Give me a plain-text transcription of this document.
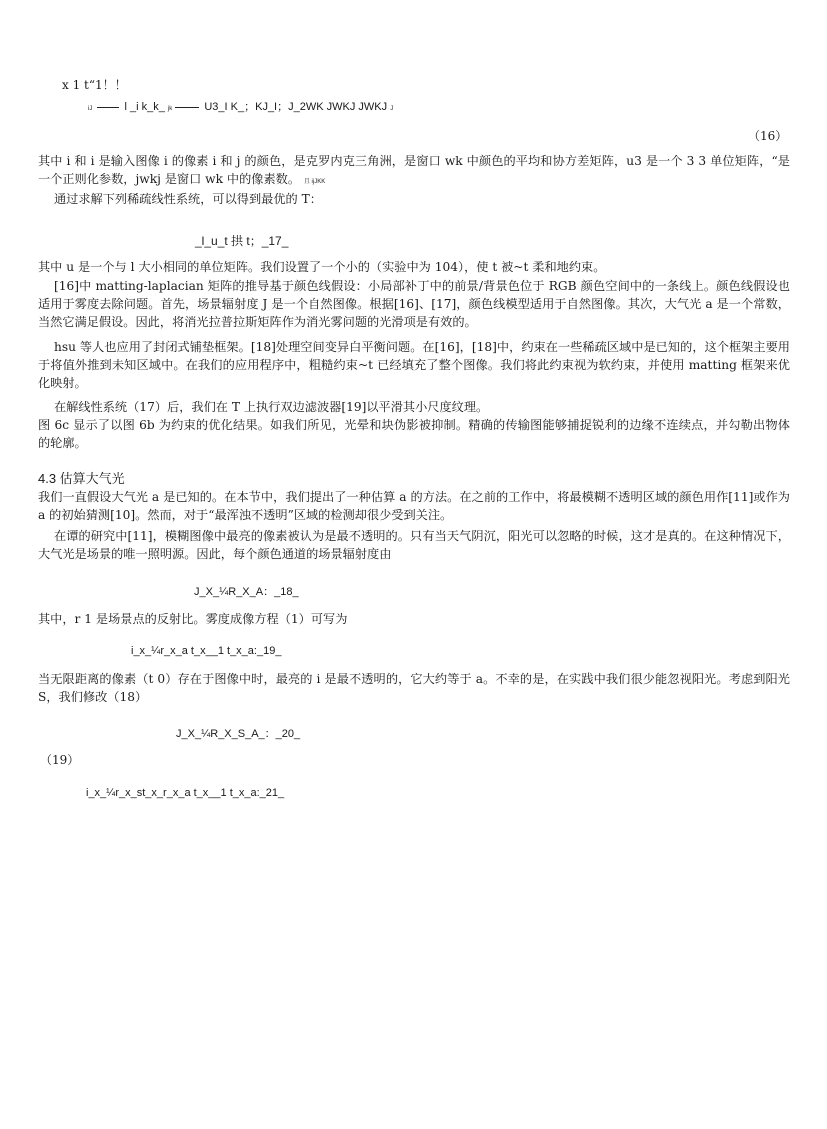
x 1 t“1！！
iJ	l _i k_k_ jk	U3_I K_；KJ_I；J_2WK JWKJ JWKJ J
（16）
其中 i 和 i 是输入图像 i 的像素 i 和 j 的颜色，是克罗内克三角洲，是窗口 wk 中颜色的平均和协方差矩阵，u3 是一个 3 3 单位矩阵，“是一个正则化参数，jwkj 是窗口 wk 中的像素数。 且 ijJKK
通过求解下列稀疏线性系统，可以得到最优的 T：
_l_u_t 拱 t；_17_
其中 u 是一个与 l 大小相同的单位矩阵。我们设置了一个小的（实验中为 104），使 t 被~t 柔和地约束。
[16]中 matting-laplacian 矩阵的推导基于颜色线假设：小局部补丁中的前景/背景色位于 RGB 颜色空间中的一条线上。颜色线假设也适用于雾度去除问题。首先，场景辐射度 J 是一个自然图像。根据[16]、[17]，颜色线模型适用于自然图像。其次，大气光 a 是一个常数，当然它满足假设。因此，将消光拉普拉斯矩阵作为消光雾问题的光滑项是有效的。
hsu 等人也应用了封闭式铺垫框架。[18]处理空间变异白平衡问题。在[16]，[18]中，约束在一些稀疏区域中是已知的，这个框架主要用于将值外推到未知区域中。在我们的应用程序中，粗糙约束~t 已经填充了整个图像。我们将此约束视为软约束，并使用 matting 框架来优化映射。
在解线性系统（17）后，我们在 T 上执行双边滤波器[19]以平滑其小尺度纹理。
图 6c 显示了以图 6b 为约束的优化结果。如我们所见，光晕和块伪影被抑制。精确的传输图能够捕捉锐利的边缘不连续点，并勾勒出物体的轮廓。
4.3 估算大气光
我们一直假设大气光 a 是已知的。在本节中，我们提出了一种估算 a 的方法。在之前的工作中，将最模糊不透明区域的颜色用作[11]或作为 a 的初始猜测[10]。然而，对于“最浑浊不透明”区域的检测却很少受到关注。
在谭的研究中[11]，模糊图像中最亮的像素被认为是最不透明的。只有当天气阴沉，阳光可以忽略的时候，这才是真的。在这种情况下，大气光是场景的唯一照明源。因此，每个颜色通道的场景辐射度由
J_X_¼R_X_A：_18_
其中，r 1 是场景点的反射比。雾度成像方程（1）可写为
i_x_¼r_x_a t_x__1 t_x_a:_19_
当无限距离的像素（t 0）存在于图像中时，最亮的 i 是最不透明的，它大约等于 a。不幸的是，在实践中我们很少能忽视阳光。考虑到阳光 S，我们修改（18）
J_X_¼R_X_S_A_：_20_
（19）
i_x_¼r_x_st_x_r_x_a t_x__1 t_x_a:_21_
